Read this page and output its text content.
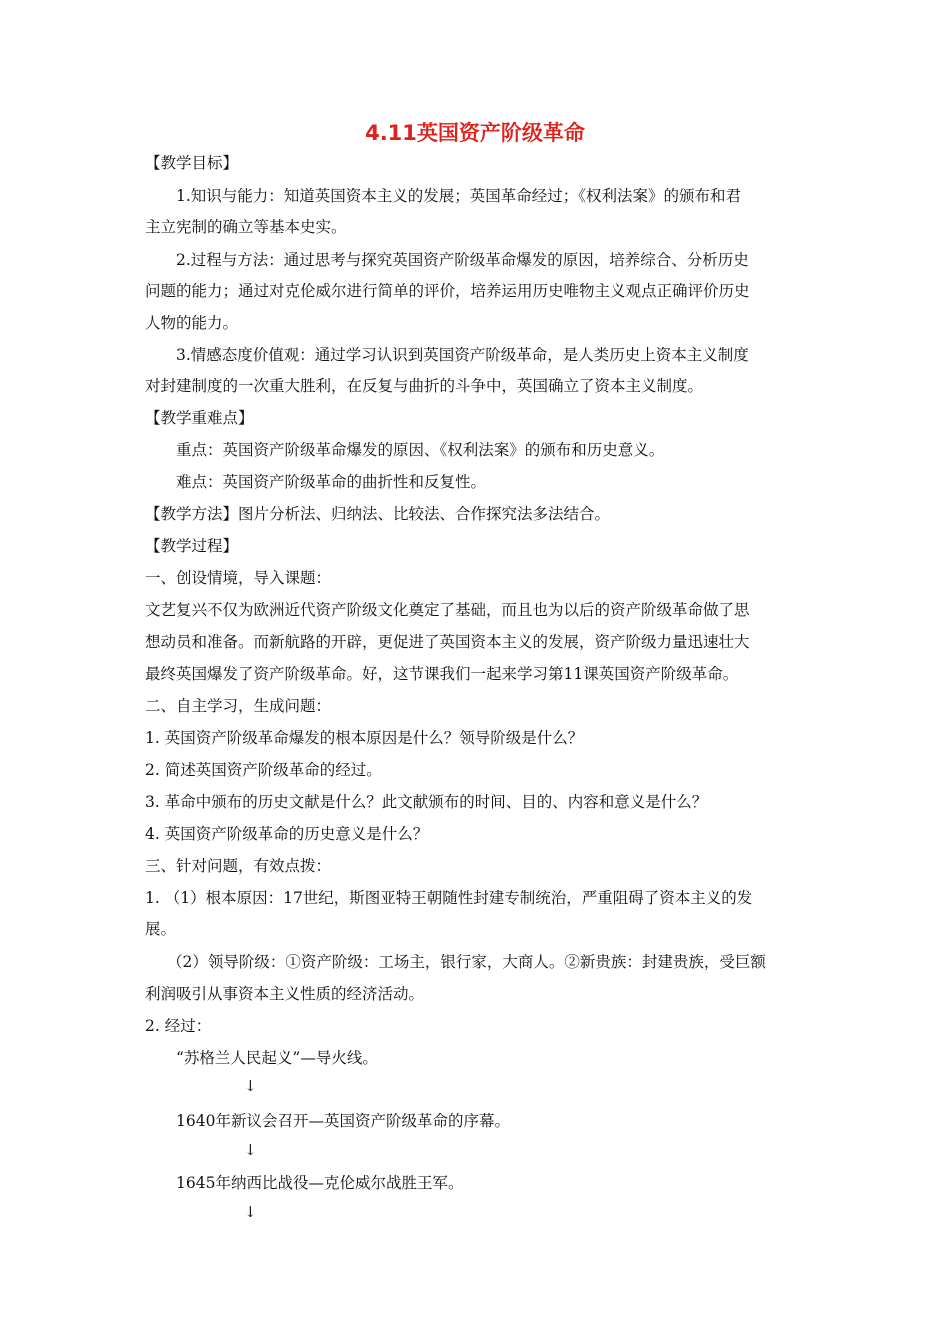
4.11英国资产阶级革命
【教学目标】
1.知识与能力：知道英国资本主义的发展；英国革命经过；《权利法案》的颁布和君
主立宪制的确立等基本史实。
2.过程与方法：通过思考与探究英国资产阶级革命爆发的原因，培养综合、分析历史
问题的能力；通过对克伦威尔进行简单的评价，培养运用历史唯物主义观点正确评价历史
人物的能力。
3.情感态度价值观：通过学习认识到英国资产阶级革命，是人类历史上资本主义制度
对封建制度的一次重大胜利，在反复与曲折的斗争中，英国确立了资本主义制度。
【教学重难点】
重点：英国资产阶级革命爆发的原因、《权利法案》的颁布和历史意义。
难点：英国资产阶级革命的曲折性和反复性。
【教学方法】图片分析法、归纳法、比较法、合作探究法多法结合。
【教学过程】
一、创设情境，导入课题：
文艺复兴不仅为欧洲近代资产阶级文化奠定了基础，而且也为以后的资产阶级革命做了思
想动员和准备。而新航路的开辟，更促进了英国资本主义的发展，资产阶级力量迅速壮大
最终英国爆发了资产阶级革命。好，这节课我们一起来学习第11课英国资产阶级革命。
二、自主学习，生成问题：
1. 英国资产阶级革命爆发的根本原因是什么？领导阶级是什么？
2. 简述英国资产阶级革命的经过。
3. 革命中颁布的历史文献是什么？此文献颁布的时间、目的、内容和意义是什么？
4. 英国资产阶级革命的历史意义是什么？
三、针对问题，有效点拨：
1. （1）根本原因：17世纪，斯图亚特王朝随性封建专制统治，严重阻碍了资本主义的发
展。
（2）领导阶级：①资产阶级：工场主，银行家，大商人。②新贵族：封建贵族，受巨额
利润吸引从事资本主义性质的经济活动。
2. 经过：
“苏格兰人民起义”—导火线。
↓
1640年新议会召开—英国资产阶级革命的序幕。
↓
1645年纳西比战役—克伦威尔战胜王军。
↓
